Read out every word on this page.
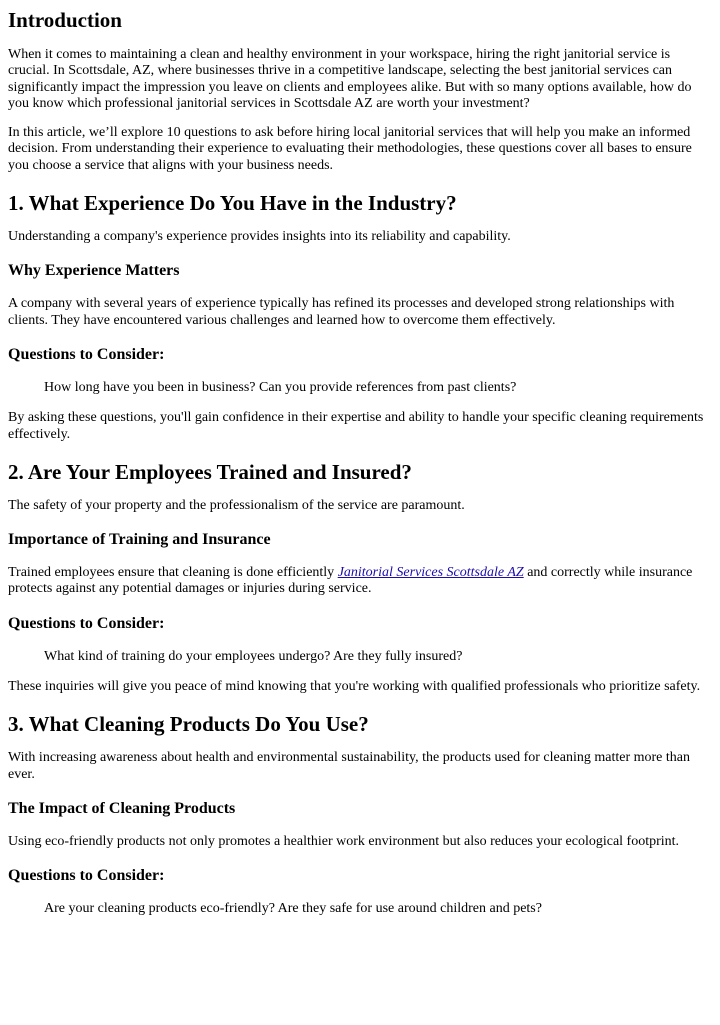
Introduction

When it comes to maintaining a clean and healthy environment in your workspace, hiring the right janitorial service is crucial. In Scottsdale, AZ, where businesses thrive in a competitive landscape, selecting the best janitorial services can significantly impact the impression you leave on clients and employees alike. But with so many options available, how do you know which professional janitorial services in Scottsdale AZ are worth your investment?

In this article, we’ll explore 10 questions to ask before hiring local janitorial services that will help you make an informed decision. From understanding their experience to evaluating their methodologies, these questions cover all bases to ensure you choose a service that aligns with your business needs.

1. What Experience Do You Have in the Industry?

Understanding a company's experience provides insights into its reliability and capability.

Why Experience Matters

A company with several years of experience typically has refined its processes and developed strong relationships with clients. They have encountered various challenges and learned how to overcome them effectively.

Questions to Consider:

How long have you been in business? Can you provide references from past clients?

By asking these questions, you'll gain confidence in their expertise and ability to handle your specific cleaning requirements effectively.

2. Are Your Employees Trained and Insured?

The safety of your property and the professionalism of the service are paramount.

Importance of Training and Insurance

Trained employees ensure that cleaning is done efficiently Janitorial Services Scottsdale AZ and correctly while insurance protects against any potential damages or injuries during service.

Questions to Consider:

What kind of training do your employees undergo? Are they fully insured?

These inquiries will give you peace of mind knowing that you're working with qualified professionals who prioritize safety.

3. What Cleaning Products Do You Use?

With increasing awareness about health and environmental sustainability, the products used for cleaning matter more than ever.

The Impact of Cleaning Products

Using eco-friendly products not only promotes a healthier work environment but also reduces your ecological footprint.

Questions to Consider:

Are your cleaning products eco-friendly? Are they safe for use around children and pets?
